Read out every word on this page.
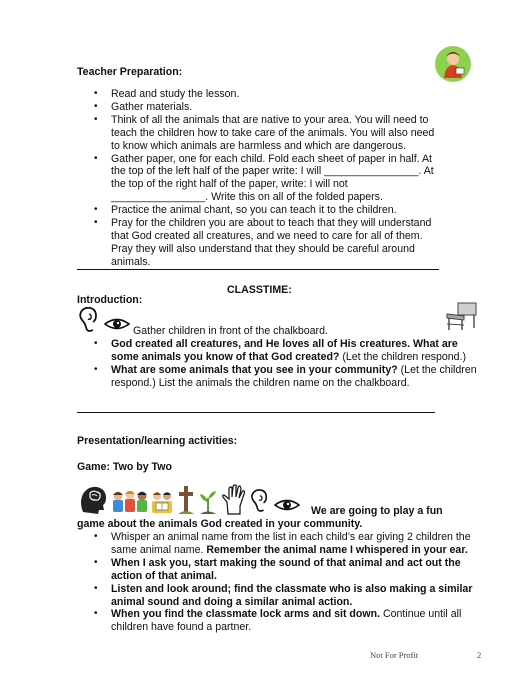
Teacher Preparation:
• Read and study the lesson.
• Gather materials.
• Think of all the animals that are native to your area. You will need to teach the children how to take care of the animals. You will also need to know which animals are harmless and which are dangerous.
• Gather paper, one for each child. Fold each sheet of paper in half. At the top of the left half of the paper write: I will ________________. At the top of the right half of the paper, write: I will not ________________. Write this on all of the folded papers.
• Practice the animal chant, so you can teach it to the children.
• Pray for the children you are about to teach that they will understand that God created all creatures, and we need to care for all of them. Pray they will also understand that they should be careful around animals.
CLASSTIME:
Introduction:
Gather children in front of the chalkboard.
• God created all creatures, and He loves all of His creatures. What are some animals you know of that God created? (Let the children respond.)
• What are some animals that you see in your community? (Let the children respond.) List the animals the children name on the chalkboard.
Presentation/learning activities:
Game: Two by Two
We are going to play a fun game about the animals God created in your community.
• Whisper an animal name from the list in each child’s ear giving 2 children the same animal name. Remember the animal name I whispered in your ear.
• When I ask you, start making the sound of that animal and act out the action of that animal.
• Listen and look around; find the classmate who is also making a similar animal sound and doing a similar animal action.
• When you find the classmate lock arms and sit down. Continue until all children have found a partner.
Not For Profit	2
